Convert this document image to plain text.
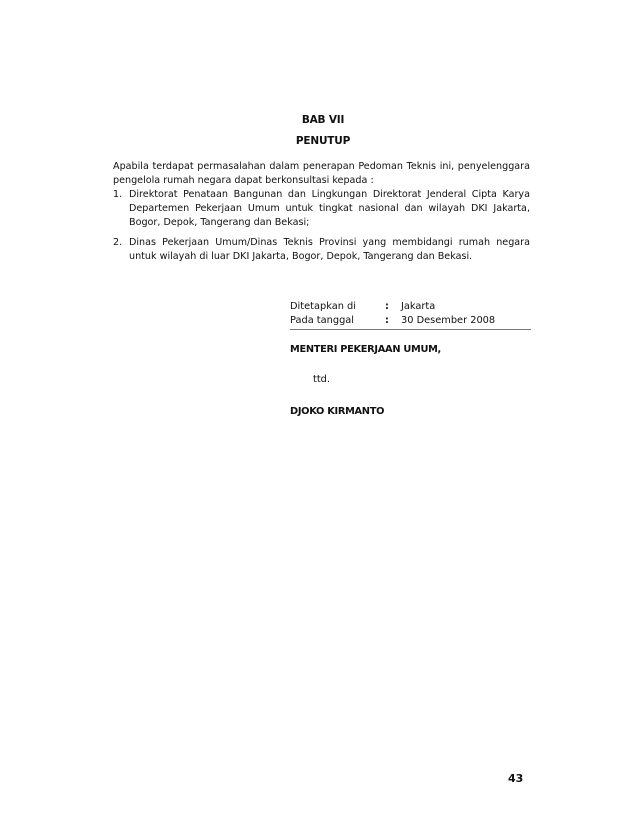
BAB VII
PENUTUP
Apabila terdapat permasalahan dalam penerapan Pedoman Teknis ini, penyelenggara pengelola rumah negara dapat berkonsultasi kepada :
1. Direktorat Penataan Bangunan dan Lingkungan Direktorat Jenderal Cipta Karya Departemen Pekerjaan Umum untuk tingkat nasional dan wilayah DKI Jakarta, Bogor, Depok, Tangerang dan Bekasi;
2. Dinas Pekerjaan Umum/Dinas Teknis Provinsi yang membidangi rumah negara untuk wilayah di luar DKI Jakarta, Bogor, Depok, Tangerang dan Bekasi.
Ditetapkan di	: Jakarta
Pada tanggal	: 30 Desember 2008
MENTERI PEKERJAAN UMUM,
ttd.
DJOKO KIRMANTO
43
